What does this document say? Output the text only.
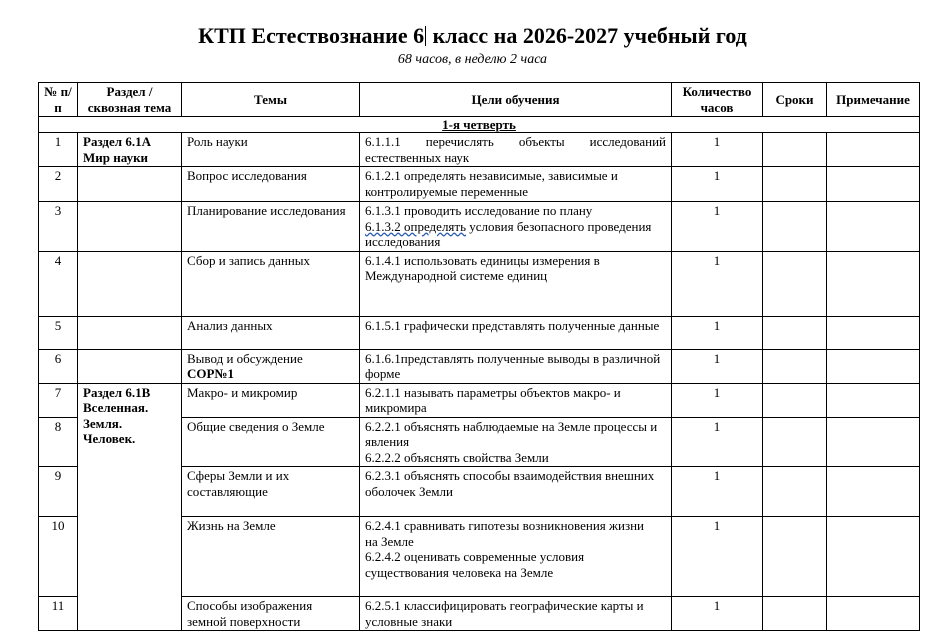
КТП Естествознание 6 класс на 2026-2027 учебный год
68 часов, в неделю 2 часа
№ п/п	Раздел / сквозная тема	Темы	Цели обучения	Количество часов	Сроки	Примечание
1-я четверть						
1	Раздел 6.1А Мир науки	Роль науки	6.1.1.1 перечислять объекты исследований естественных наук	1		
2		Вопрос исследования	6.1.2.1 определять независимые, зависимые и контролируемые переменные	1		
3		Планирование исследования	6.1.3.1 проводить исследование по плану
6.1.3.2 определять условия безопасного проведения исследования	1		
4		Сбор и запись данных	6.1.4.1 использовать единицы измерения в Международной системе единиц	1		
5		Анализ данных	6.1.5.1 графически представлять полученные данные	1		
6		Вывод и обсуждение
СОР№1	6.1.6.1представлять полученные выводы в различной форме	1		
7	Раздел 6.1В Вселенная. Земля. Человек.	Макро- и микромир	6.2.1.1 называть параметры объектов макро- и микромира	1		
8		Общие сведения о Земле	6.2.2.1 объяснять наблюдаемые на Земле процессы и явления
6.2.2.2 объяснять свойства Земли	1		
9		Сферы Земли и их составляющие	6.2.3.1 объяснять способы взаимодействия внешних оболочек Земли	1		
10		Жизнь на Земле	6.2.4.1 сравнивать гипотезы возникновения жизни
на Земле
6.2.4.2 оценивать современные условия существования человека на Земле	1		
11		Способы изображения земной поверхности	6.2.5.1 классифицировать географические карты и условные знаки	1		
